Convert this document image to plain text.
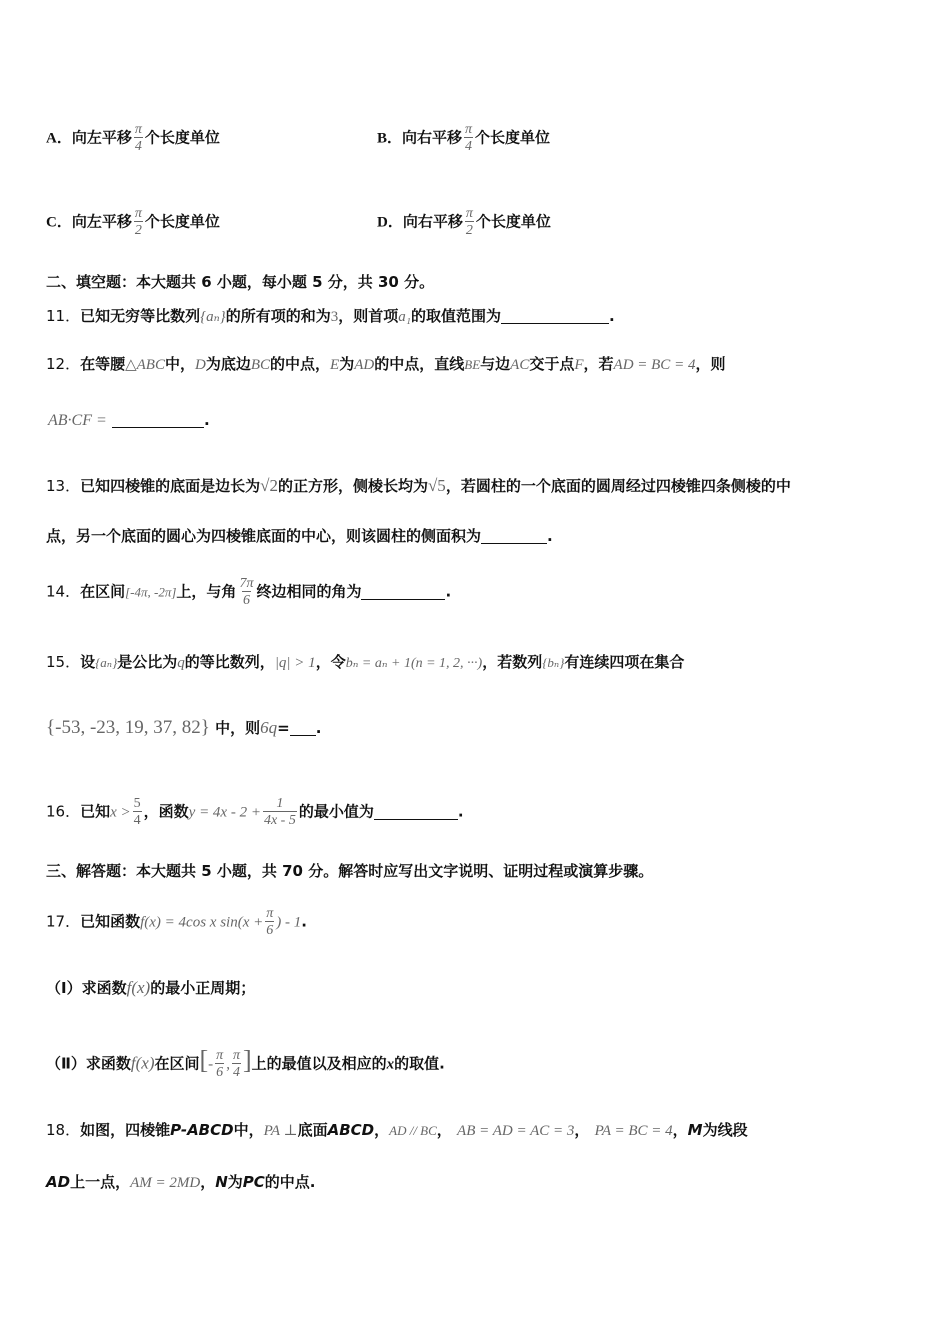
A．向左平移 $\frac{\pi}{4}$ 个长度单位	B．向右平移 $\frac{\pi}{4}$ 个长度单位
C．向左平移 $\frac{\pi}{2}$ 个长度单位	D．向右平移 $\frac{\pi}{2}$ 个长度单位
二、填空题：本大题共 6 小题，每小题 5 分，共 30 分。
11．已知无穷等比数列{aₙ}的所有项的和为3，则首项a₁的取值范围为	.
12．在等腰△ABC中，D为底边BC的中点，E为AD的中点，直线BE与边AC交于点F，若AD = BC = 4，则
AB·CF =	.
13．已知四棱锥的底面是边长为√2的正方形，侧棱长均为√5，若圆柱的一个底面的圆周经过四棱锥四条侧棱的中
点，另一个底面的圆心为四棱锥底面的中心，则该圆柱的侧面积为	.
14．在区间[-4π, -2π]上，与角 $\frac{7\pi}{6}$ 终边相同的角为	.
15．设{aₙ}是公比为q的等比数列，|q| > 1，令bₙ = aₙ + 1(n = 1, 2, ···)，若数列{bₙ}有连续四项在集合
{-53, -23, 19, 37, 82} 中，则6q= .
16．已知$x > \frac{5}{4}$ ，函数$y = 4x - 2 + \frac{1}{4x - 5}$ 的最小值为	.
三、解答题：本大题共 5 小题，共 70 分。解答时应写出文字说明、证明过程或演算步骤。
17．已知函数f(x) = 4cos x $\sin(x + \frac{\pi}{6}$ ) - 1.
（Ⅰ）求函数f(x)的最小正周期；
（Ⅱ）求函数f(x)在区间[- $\frac{\pi}{6}$ , $\frac{\pi}{4}$ ]上的最值以及相应的x的取值.
18．如图，四棱锥P-ABCD中，PA ⊥底面ABCD，AD // BC， AB = AD = AC = 3， PA = BC = 4，M为线段
AD上一点，AM = 2MD，N为PC的中点.
